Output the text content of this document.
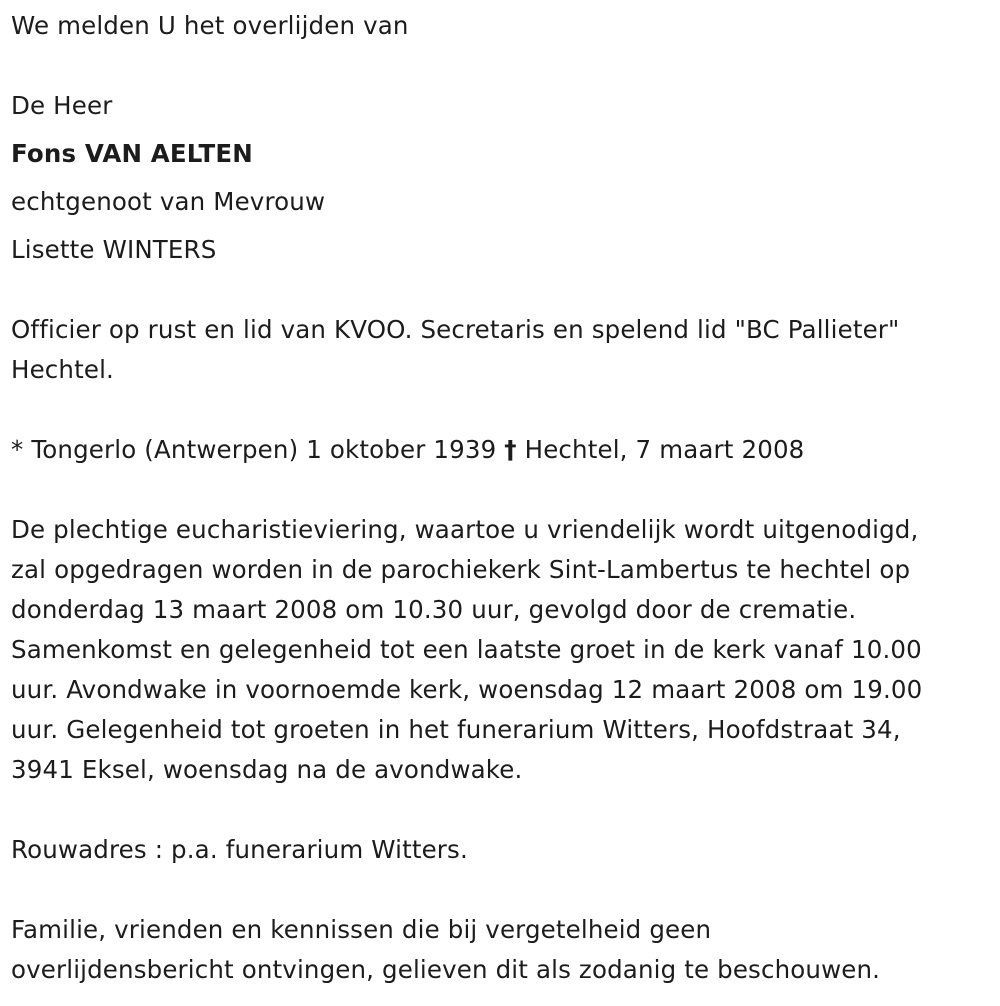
We melden U het overlijden van
De Heer
Fons VAN AELTEN
echtgenoot van Mevrouw
Lisette WINTERS
Officier op rust en lid van KVOO. Secretaris en spelend lid "BC Pallieter"
Hechtel.
* Tongerlo (Antwerpen) 1 oktober 1939 † Hechtel, 7 maart 2008
De plechtige eucharistieviering, waartoe u vriendelijk wordt uitgenodigd,
zal opgedragen worden in de parochiekerk Sint-Lambertus te hechtel op
donderdag 13 maart 2008 om 10.30 uur, gevolgd door de crematie.
Samenkomst en gelegenheid tot een laatste groet in de kerk vanaf 10.00
uur. Avondwake in voornoemde kerk, woensdag 12 maart 2008 om 19.00
uur. Gelegenheid tot groeten in het funerarium Witters, Hoofdstraat 34,
3941 Eksel, woensdag na de avondwake.
Rouwadres : p.a. funerarium Witters.
Familie, vrienden en kennissen die bij vergetelheid geen
overlijdensbericht ontvingen, gelieven dit als zodanig te beschouwen.
